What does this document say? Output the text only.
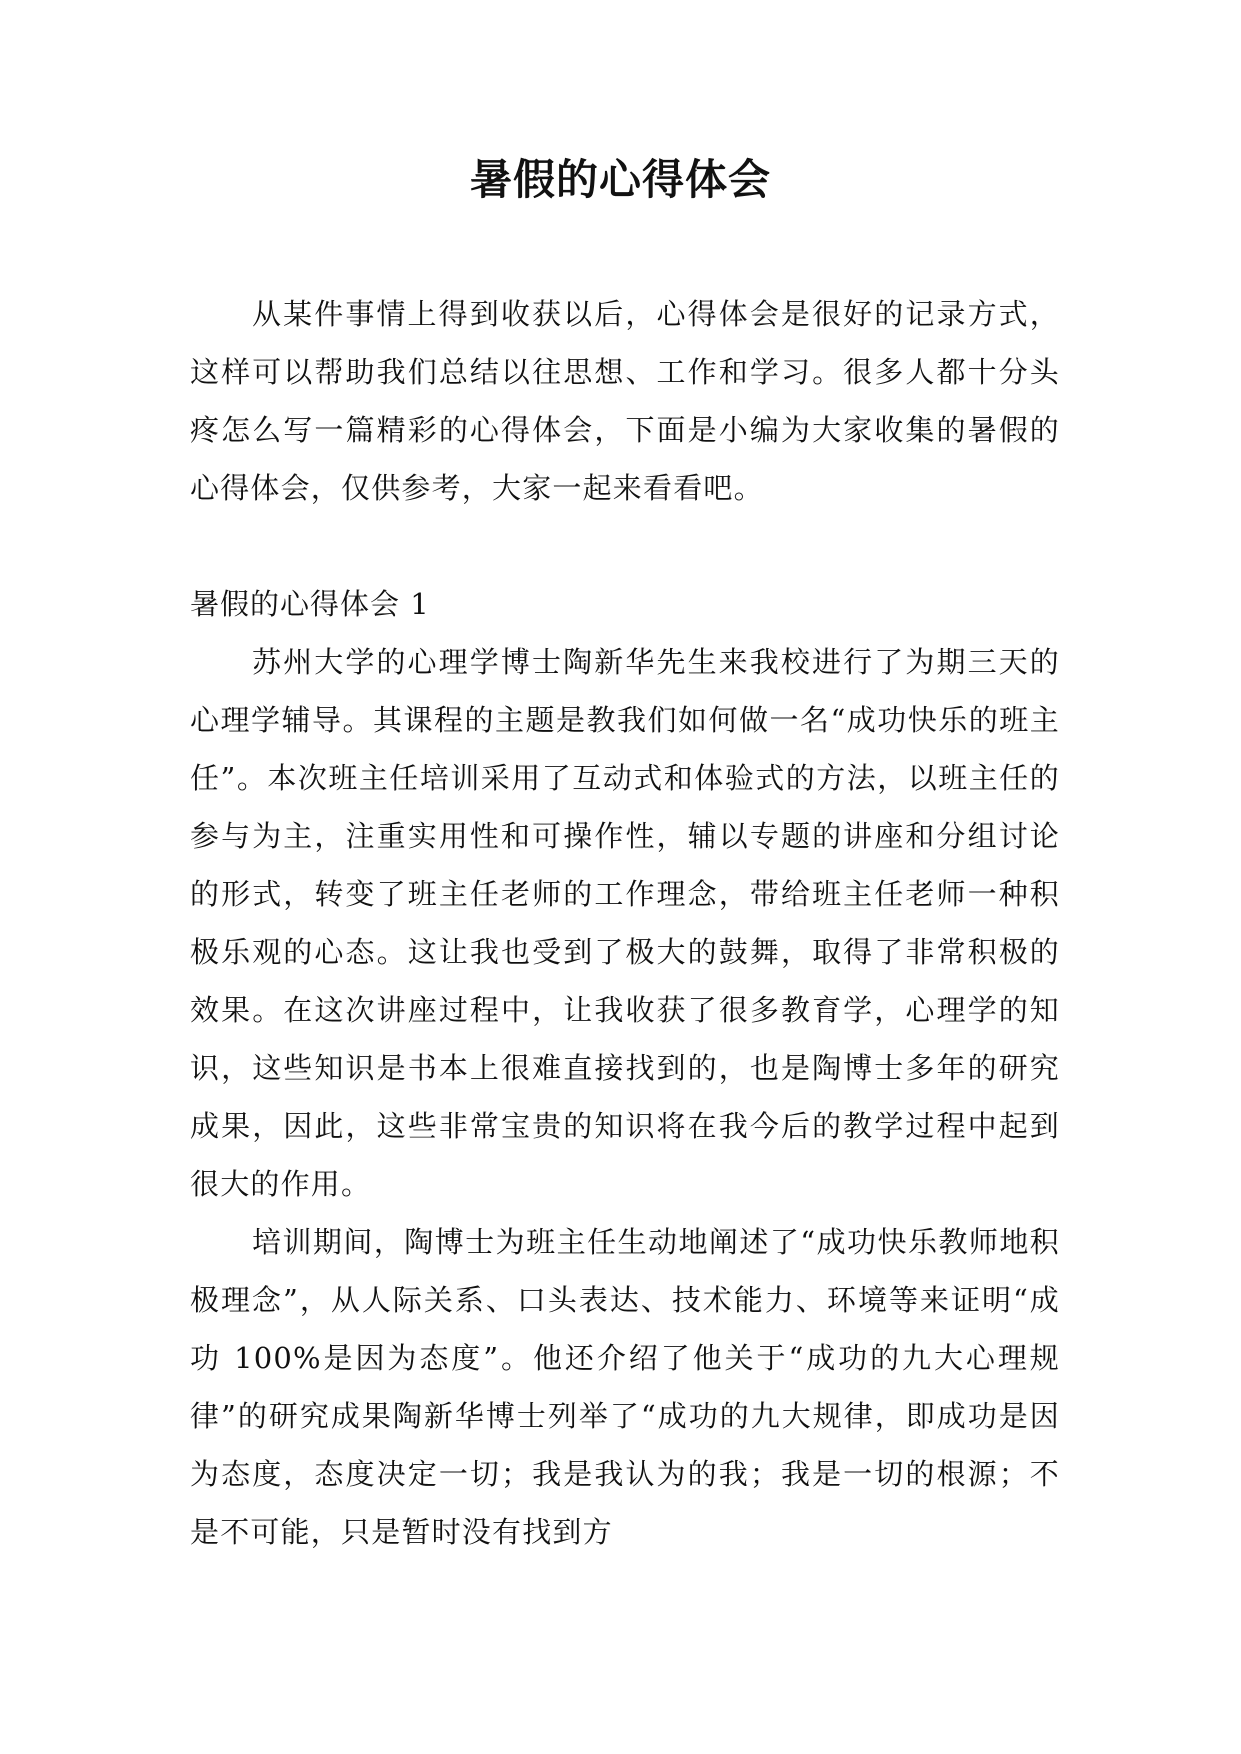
暑假的心得体会

从某件事情上得到收获以后，心得体会是很好的记录方式，这样可以帮助我们总结以往思想、工作和学习。很多人都十分头疼怎么写一篇精彩的心得体会，下面是小编为大家收集的暑假的心得体会，仅供参考，大家一起来看看吧。

暑假的心得体会 1

苏州大学的心理学博士陶新华先生来我校进行了为期三天的心理学辅导。其课程的主题是教我们如何做一名“成功快乐的班主任”。本次班主任培训采用了互动式和体验式的方法，以班主任的参与为主，注重实用性和可操作性，辅以专题的讲座和分组讨论的形式，转变了班主任老师的工作理念，带给班主任老师一种积极乐观的心态。这让我也受到了极大的鼓舞，取得了非常积极的效果。在这次讲座过程中，让我收获了很多教育学，心理学的知识，这些知识是书本上很难直接找到的，也是陶博士多年的研究成果，因此，这些非常宝贵的知识将在我今后的教学过程中起到很大的作用。

培训期间，陶博士为班主任生动地阐述了“成功快乐教师地积极理念”，从人际关系、口头表达、技术能力、环境等来证明“成功 100%是因为态度”。他还介绍了他关于“成功的九大心理规律”的研究成果陶新华博士列举了“成功的九大规律，即成功是因为态度，态度决定一切；我是我认为的我；我是一切的根源；不是不可能，只是暂时没有找到方
